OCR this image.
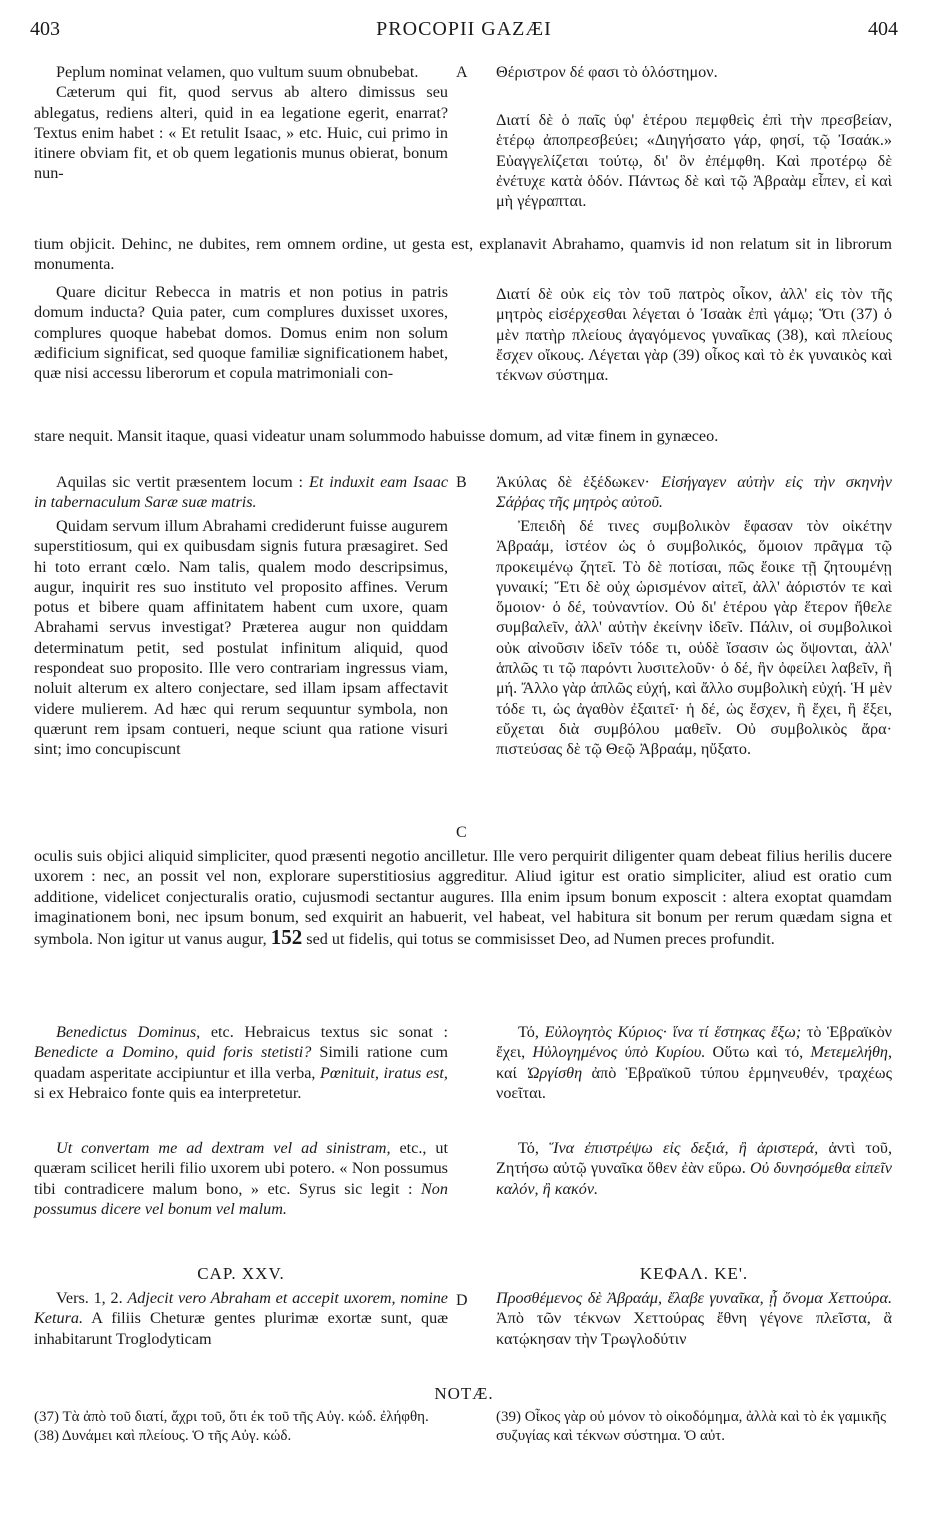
403	PROCOPII GAZÆI	404

Peplum nominat velamen, quo vultum suum obnubebat.

Cæterum qui fit, quod servus ab altero dimissus seu ablegatus, rediens alteri, quid in ea legatione egerit, enarrat? Textus enim habet : « Et retulit Isaac, » etc. Huic, cui primo in itinere obviam fit, et ob quem legationis munus obierat, bonum nun-

A Θέριστρον δέ φασι τὸ ὁλόστημον.

Διατί δὲ ὁ παῖς ὑφ' ἑτέρου πεμφθεὶς ἐπὶ τὴν πρεσβείαν, ἑτέρῳ ἀποπρεσβεύει; «Διηγήσατο γάρ, φησί, τῷ Ἰσαάκ.» Εὐαγγελίζεται τούτῳ, δι' ὃν ἐπέμφθη. Καὶ προτέρῳ δὲ ἐνέτυχε κατὰ ὁδόν. Πάντως δὲ καὶ τῷ Ἀβραὰμ εἶπεν, εἰ καὶ μὴ γέγραπται.

tium objicit. Dehinc, ne dubites, rem omnem ordine, ut gesta est, explanavit Abrahamo, quamvis id non relatum sit in librorum monumenta.

Quare dicitur Rebecca in matris et non potius in patris domum inducta? Quia pater, cum complures duxisset uxores, complures quoque habebat domos. Domus enim non solum ædificium significat, sed quoque familiæ significationem habet, quæ nisi accessu liberorum et copula matrimoniali con-

Διατί δὲ οὐκ εἰς τὸν τοῦ πατρὸς οἶκον, ἀλλ' εἰς τὸν τῆς μητρὸς εἰσέρχεσθαι λέγεται ὁ Ἰσαὰκ ἐπὶ γάμῳ; Ὅτι (37) ὁ μὲν πατὴρ πλείους ἀγαγόμενος γυναῖκας (38), καὶ πλείους ἔσχεν οἴκους. Λέγεται γὰρ (39) οἶκος καὶ τὸ ἐκ γυναικὸς καὶ τέκνων σύστημα.

stare nequit. Mansit itaque, quasi videatur unam solummodo habuisse domum, ad vitæ finem in gynæceo.

Aquilas sic vertit præsentem locum : Et induxit eam Isaac in tabernaculum Saræ suæ matris.

B Ἀκύλας δὲ ἐξέδωκεν· Εἰσήγαγεν αὐτὴν εἰς τὴν σκηνὴν Σάῤῥας τῆς μητρὸς αὐτοῦ.

Quidam servum illum Abrahami crediderunt fuisse augurem superstitiosum, qui ex quibusdam signis futura præsagiret. Sed hi toto errant cœlo. Nam talis, qualem modo descripsimus, augur, inquirit res suo instituto vel proposito affines. Verum potus et bibere quam affinitatem habent cum uxore, quam Abrahami servus investigat? Præterea augur non quiddam determinatum petit, sed postulat infinitum aliquid, quod respondeat suo proposito. Ille vero contrariam ingressus viam, noluit alterum ex altero conjectare, sed illam ipsam affectavit videre mulierem. Ad hæc qui rerum sequuntur symbola, non quærunt rem ipsam contueri, neque sciunt qua ratione visuri sint; imo concupiscunt

C

Ἐπειδὴ δέ τινες συμβολικὸν ἔφασαν τὸν οἰκέτην Ἀβραάμ, ἰστέον ὡς ὁ συμβολικός, ὅμοιον πρᾶγμα τῷ προκειμένῳ ζητεῖ. Τὸ δὲ ποτίσαι, πῶς ἔοικε τῇ ζητουμένῃ γυναικί; Ἔτι δὲ οὐχ ὡρισμένον αἰτεῖ, ἀλλ' ἀόριστόν τε καὶ ὅμοιον· ὁ δέ, τοὐναντίον. Οὐ δι' ἑτέρου γὰρ ἕτερον ἤθελε συμβαλεῖν, ἀλλ' αὐτὴν ἐκείνην ἰδεῖν. Πάλιν, οἱ συμβολικοὶ οὐκ αἰνοῦσιν ἰδεῖν τόδε τι, οὐδὲ ἴσασιν ὡς ὄψονται, ἀλλ' ἁπλῶς τι τῷ παρόντι λυσιτελοῦν· ὁ δέ, ἣν ὀφείλει λαβεῖν, ἢ μή. Ἄλλο γὰρ ἁπλῶς εὐχή, καὶ ἄλλο συμβολικὴ εὐχή. Ἡ μὲν τόδε τι, ὡς ἀγαθὸν ἐξαιτεῖ· ἡ δέ, ὡς ἔσχεν, ἢ ἔχει, ἢ ἕξει, εὔχεται διὰ συμβόλου μαθεῖν. Οὐ συμβολικὸς ἄρα· πιστεύσας δὲ τῷ Θεῷ Ἀβραάμ, ηὔξατο.

oculis suis objici aliquid simpliciter, quod præsenti negotio ancilletur. Ille vero perquirit diligenter quam debeat filius herilis ducere uxorem : nec, an possit vel non, explorare superstitiosius aggreditur. Aliud igitur est oratio simpliciter, aliud est oratio cum additione, videlicet conjecturalis oratio, cujusmodi sectantur augures. Illa enim ipsum bonum exposcit : altera exoptat quamdam imaginationem boni, nec ipsum bonum, sed exquirit an habuerit, vel habeat, vel habitura sit bonum per rerum quædam signa et symbola. Non igitur ut vanus augur, 152 sed ut fidelis, qui totus se commisisset Deo, ad Numen preces profundit.

Benedictus Dominus, etc. Hebraicus textus sic sonat : Benedicte a Domino, quid foris stetisti? Simili ratione cum quadam asperitate accipiuntur et illa verba, Pœnituit, iratus est, si ex Hebraico fonte quis ea interpretetur.

Τό, Εὐλογητὸς Κύριος· ἵνα τί ἕστηκας ἔξω; τὸ Ἑβραϊκὸν ἔχει, Ηὐλογημένος ὑπὸ Κυρίου. Οὕτω καὶ τό, Μετεμελήθη, καί Ὠργίσθη ἀπὸ Ἑβραϊκοῦ τύπου ἑρμηνευθέν, τραχέως νοεῖται.

Ut convertam me ad dextram vel ad sinistram, etc., ut quæram scilicet herili filio uxorem ubi potero. « Non possumus tibi contradicere malum bono, » etc. Syrus sic legit : Non possumus dicere vel bonum vel malum.

Τό, Ἵνα ἐπιστρέψω εἰς δεξιά, ἢ ἀριστερά, ἀντὶ τοῦ, Ζητήσω αὐτῷ γυναῖκα ὅθεν ἐὰν εὕρω. Οὐ δυνησόμεθα εἰπεῖν καλόν, ἢ κακόν.

CAP. XXV.	ΚΕΦΑΛ. ΚΕ'.

Vers. 1, 2. Adjecit vero Abraham et accepit uxorem, nomine Ketura. A filiis Cheturæ gentes plurimæ exortæ sunt, quæ inhabitarunt Troglodyticam

D Προσθέμενος δὲ Ἀβραάμ, ἔλαβε γυναῖκα, ᾗ ὄνομα Χεττούρα. Ἀπὸ τῶν τέκνων Χεττούρας ἔθνη γέγονε πλεῖστα, ἃ κατῴκησαν τὴν Τρωγλοδύτιν

NOTÆ.

(37) Τὰ ἀπὸ τοῦ διατί, ἄχρι τοῦ, ὅτι ἐκ τοῦ τῆς Αὐγ. κώδ. ἐλήφθη.

(38) Δυνάμει καὶ πλείους. Ὁ τῆς Αὐγ. κώδ.

(39) Οἶκος γὰρ οὐ μόνον τὸ οἰκοδόμημα, ἀλλὰ καὶ τὸ ἐκ γαμικῆς συζυγίας καὶ τέκνων σύστημα. Ὁ αὐτ.
